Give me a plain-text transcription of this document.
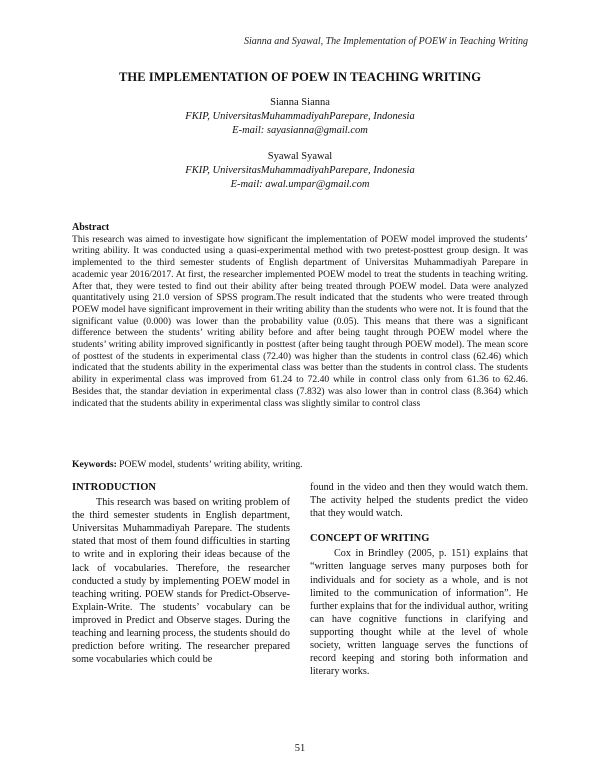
Sianna and Syawal, The Implementation of POEW in Teaching Writing
THE IMPLEMENTATION OF POEW IN TEACHING WRITING
Sianna Sianna
FKIP, UniversitasMuhammadiyahParepare, Indonesia
E-mail: sayasianna@gmail.com
Syawal Syawal
FKIP, UniversitasMuhammadiyahParepare, Indonesia
E-mail: awal.umpar@gmail.com
Abstract
This research was aimed to investigate how significant the implementation of POEW model improved the students’ writing ability. It was conducted using a quasi-experimental method with two pretest-posttest group design. It was implemented to the third semester students of English department of Universitas Muhammadiyah Parepare in academic year 2016/2017. At first, the researcher implemented POEW model to treat the students in teaching writing. After that, they were tested to find out their ability after being treated through POEW model. Data were analyzed quantitatively using 21.0 version of SPSS program.The result indicated that the students who were treated through POEW model have significant improvement in their writing ability than the students who were not. It is found that the significant value (0.000) was lower than the probability value (0.05). This means that there was a significant difference between the students’ writing ability before and after being taught through POEW model where the students’ writing ability improved significantly in posttest (after being taught through POEW model). The mean score of posttest of the students in experimental class (72.40) was higher than the students in control class (62.46) which indicated that the students ability in the experimental class was better than the students in control class. The students ability in experimental class was improved from 61.24 to 72.40 while in control class only from 61.36 to 62.46. Besides that, the standar deviation in experimental class (7.832) was also lower than in control class (8.364) which indicated that the students ability in experimental class was slightly similar to control class
Keywords: POEW model, students’ writing ability, writing.
INTRODUCTION

This research was based on writing problem of the third semester students in English department, Universitas Muhammadiyah Parepare. The students stated that most of them found difficulties in starting to write and in exploring their ideas because of the lack of vocabularies. Therefore, the researcher conducted a study by implementing POEW model in teaching writing. POEW stands for Predict-Observe-Explain-Write. The students’ vocabulary can be improved in Predict and Observe stages. During the teaching and learning process, the students should do prediction before writing. The researcher prepared some vocabularies which could be

found in the video and then they would watch them. The activity helped the students predict the video that they would watch.

CONCEPT OF WRITING

Cox in Brindley (2005, p. 151) explains that “written language serves many purposes both for individuals and for society as a whole, and is not limited to the communication of information”. He further explains that for the individual author, writing can have cognitive functions in clarifying and supporting thought while at the level of whole society, written language serves the functions of record keeping and storing both information and literary works.

51
